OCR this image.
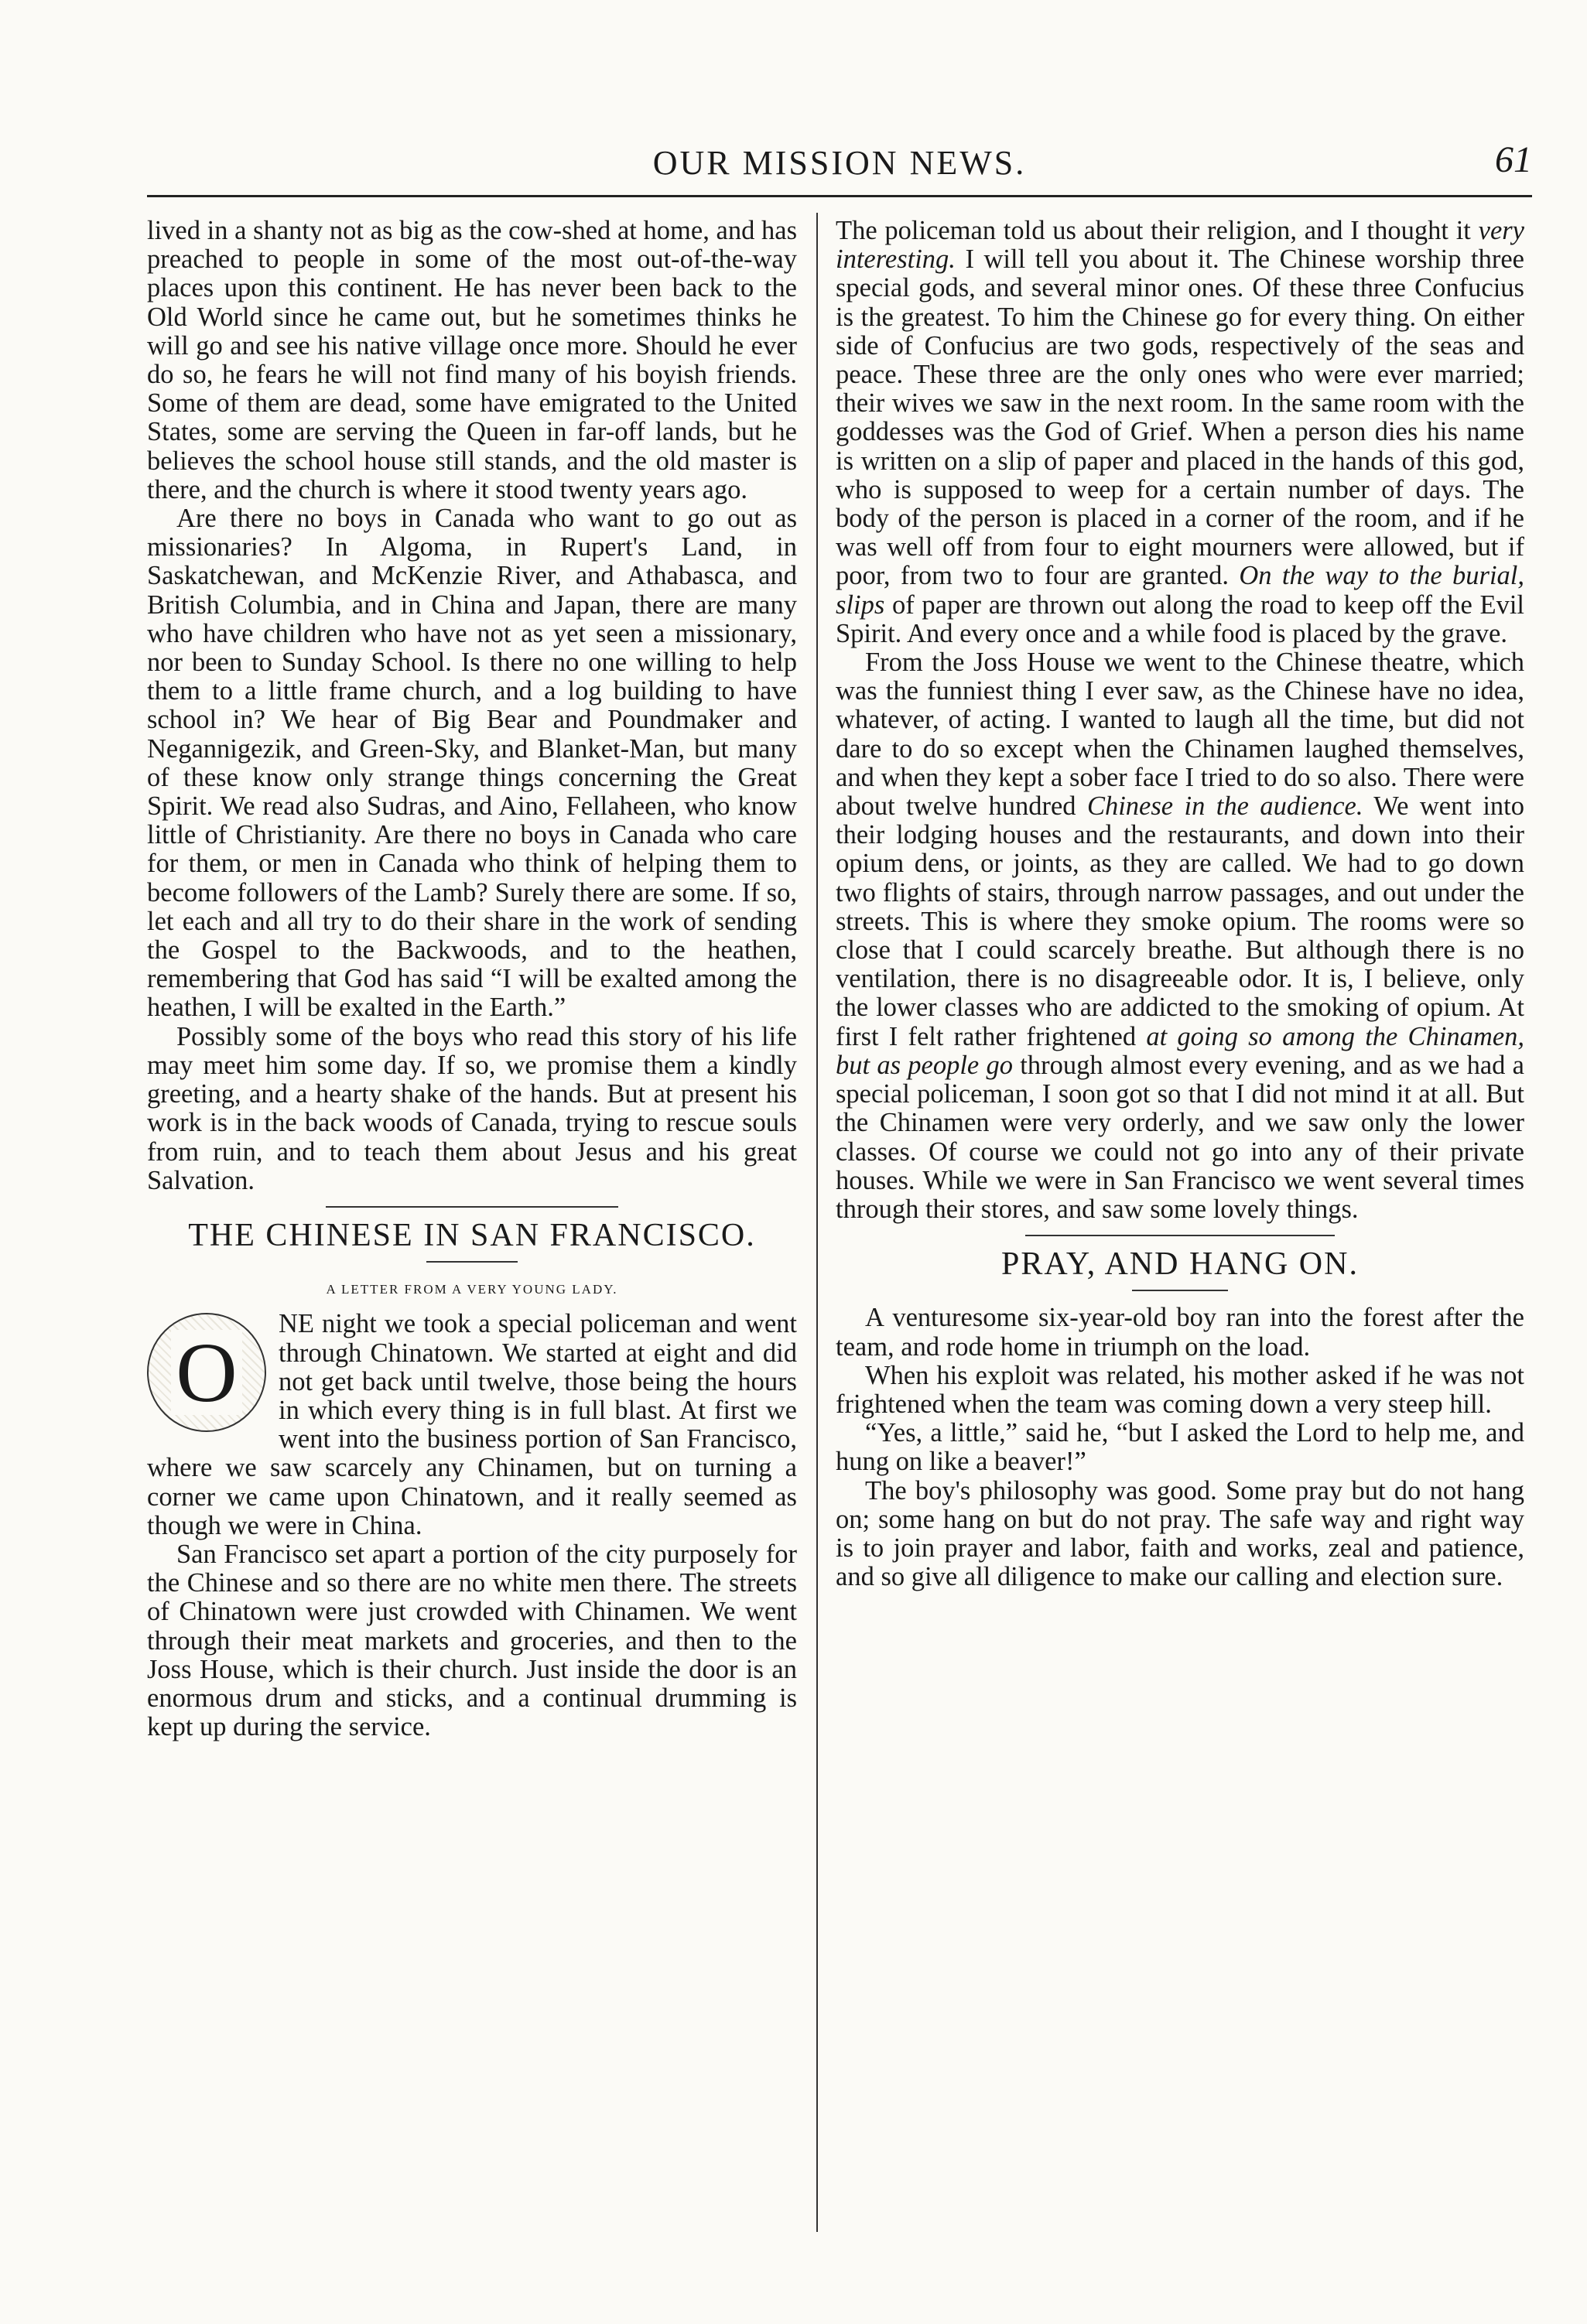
OUR MISSION NEWS.	61

lived in a shanty not as big as the cow-shed at home, and has preached to people in some of the most out-of-the-way places upon this continent. He has never been back to the Old World since he came out, but he sometimes thinks he will go and see his native village once more. Should he ever do so, he fears he will not find many of his boyish friends. Some of them are dead, some have emigrated to the United States, some are serving the Queen in far-off lands, but he believes the school house still stands, and the old master is there, and the church is where it stood twenty years ago.

Are there no boys in Canada who want to go out as missionaries? In Algoma, in Rupert's Land, in Saskatchewan, and McKenzie River, and Athabasca, and British Columbia, and in China and Japan, there are many who have children who have not as yet seen a missionary, nor been to Sunday School. Is there no one willing to help them to a little frame church, and a log building to have school in? We hear of Big Bear and Poundmaker and Negannigezik, and Green-Sky, and Blanket-Man, but many of these know only strange things concerning the Great Spirit. We read also Sudras, and Aino, Fellaheen, who know little of Christianity. Are there no boys in Canada who care for them, or men in Canada who think of helping them to become followers of the Lamb? Surely there are some. If so, let each and all try to do their share in the work of sending the Gospel to the Backwoods, and to the heathen, remembering that God has said “I will be exalted among the heathen, I will be exalted in the Earth.”

Possibly some of the boys who read this story of his life may meet him some day. If so, we promise them a kindly greeting, and a hearty shake of the hands. But at present his work is in the back woods of Canada, trying to rescue souls from ruin, and to teach them about Jesus and his great Salvation.

THE CHINESE IN SAN FRANCISCO.
A LETTER FROM A VERY YOUNG LADY.
O

NE night we took a special policeman and went through Chinatown. We started at eight and did not get back until twelve, those being the hours in which every thing is in full blast. At first we went into the business portion of San Francisco, where we saw scarcely any Chinamen, but on turning a corner we came upon Chinatown, and it really seemed as though we were in China.

San Francisco set apart a portion of the city purposely for the Chinese and so there are no white men there. The streets of Chinatown were just crowded with Chinamen. We went through their meat markets and groceries, and then to the Joss House, which is their church. Just inside the door is an enormous drum and sticks, and a continual drumming is kept up during the service.

The policeman told us about their religion, and I thought it very interesting. I will tell you about it. The Chinese worship three special gods, and several minor ones. Of these three Confucius is the greatest. To him the Chinese go for every thing. On either side of Confucius are two gods, respectively of the seas and peace. These three are the only ones who were ever married; their wives we saw in the next room. In the same room with the goddesses was the God of Grief. When a person dies his name is written on a slip of paper and placed in the hands of this god, who is supposed to weep for a certain number of days. The body of the person is placed in a corner of the room, and if he was well off from four to eight mourners were allowed, but if poor, from two to four are granted. On the way to the burial, slips of paper are thrown out along the road to keep off the Evil Spirit. And every once and a while food is placed by the grave.

From the Joss House we went to the Chinese theatre, which was the funniest thing I ever saw, as the Chinese have no idea, whatever, of acting. I wanted to laugh all the time, but did not dare to do so except when the Chinamen laughed themselves, and when they kept a sober face I tried to do so also. There were about twelve hundred Chinese in the audience. We went into their lodging houses and the restaurants, and down into their opium dens, or joints, as they are called. We had to go down two flights of stairs, through narrow passages, and out under the streets. This is where they smoke opium. The rooms were so close that I could scarcely breathe. But although there is no ventilation, there is no disagreeable odor. It is, I believe, only the lower classes who are addicted to the smoking of opium. At first I felt rather frightened at going so among the Chinamen, but as people go through almost every evening, and as we had a special policeman, I soon got so that I did not mind it at all. But the Chinamen were very orderly, and we saw only the lower classes. Of course we could not go into any of their private houses. While we were in San Francisco we went several times through their stores, and saw some lovely things.

PRAY, AND HANG ON.

A venturesome six-year-old boy ran into the forest after the team, and rode home in triumph on the load.

When his exploit was related, his mother asked if he was not frightened when the team was coming down a very steep hill.

“Yes, a little,” said he, “but I asked the Lord to help me, and hung on like a beaver!”

The boy's philosophy was good. Some pray but do not hang on; some hang on but do not pray. The safe way and right way is to join prayer and labor, faith and works, zeal and patience, and so give all diligence to make our calling and election sure.
